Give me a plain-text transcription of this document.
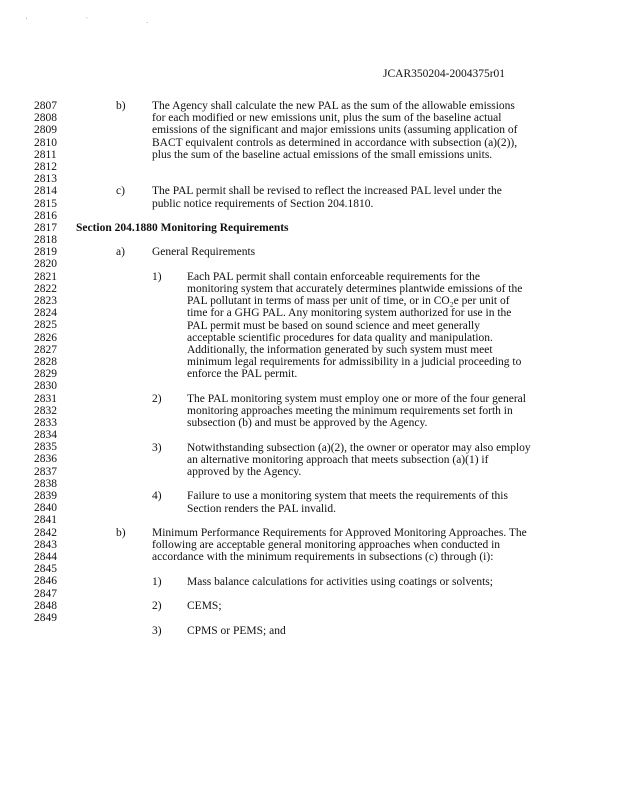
' ` .
JCAR350204-2004375r01
2807
2808
2809
2810
2811
2812
2813
2814
2815
2816
2817
2818
2819
2820
2821
2822
2823
2824
2825
2826
2827
2828
2829
2830
2831
2832
2833
2834
2835
2836
2837
2838
2839
2840
2841
2842
2843
2844
2845
2846
2847
2848
2849
b) The Agency shall calculate the new PAL as the sum of the allowable emissions
for each modified or new emissions unit, plus the sum of the baseline actual
emissions of the significant and major emissions units (assuming application of
BACT equivalent controls as determined in accordance with subsection (a)(2)),
plus the sum of the baseline actual emissions of the small emissions units.
c) The PAL permit shall be revised to reflect the increased PAL level under the
public notice requirements of Section 204.1810.
Section 204.1880 Monitoring Requirements
a) General Requirements
1) Each PAL permit shall contain enforceable requirements for the
monitoring system that accurately determines plantwide emissions of the
PAL pollutant in terms of mass per unit of time, or in CO₂e per unit of
time for a GHG PAL. Any monitoring system authorized for use in the
PAL permit must be based on sound science and meet generally
acceptable scientific procedures for data quality and manipulation.
Additionally, the information generated by such system must meet
minimum legal requirements for admissibility in a judicial proceeding to
enforce the PAL permit.
2) The PAL monitoring system must employ one or more of the four general
monitoring approaches meeting the minimum requirements set forth in
subsection (b) and must be approved by the Agency.
3) Notwithstanding subsection (a)(2), the owner or operator may also employ
an alternative monitoring approach that meets subsection (a)(1) if
approved by the Agency.
4) Failure to use a monitoring system that meets the requirements of this
Section renders the PAL invalid.
b) Minimum Performance Requirements for Approved Monitoring Approaches. The
following are acceptable general monitoring approaches when conducted in
accordance with the minimum requirements in subsections (c) through (i):
1) Mass balance calculations for activities using coatings or solvents;
2) CEMS;
3) CPMS or PEMS; and
